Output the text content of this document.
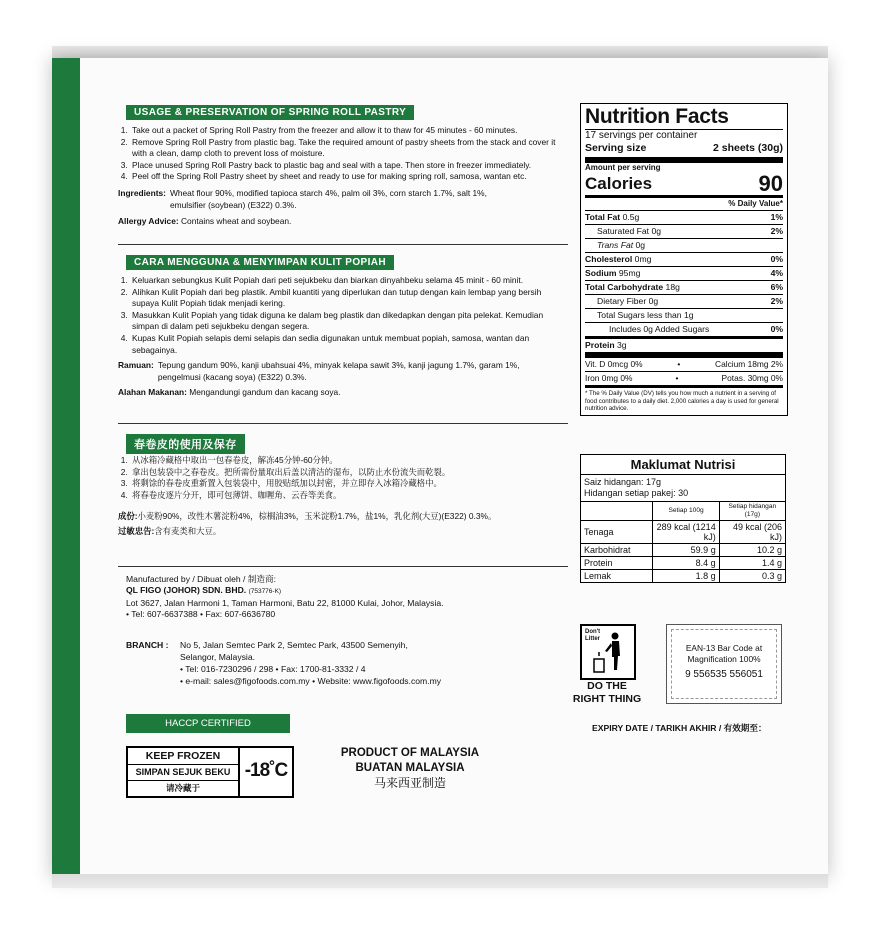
USAGE & PRESERVATION OF SPRING ROLL PASTRY
1. Take out a packet of Spring Roll Pastry from the freezer and allow it to thaw for 45 minutes - 60 minutes.
2. Remove Spring Roll Pastry from plastic bag. Take the required amount of pastry sheets from the stack and cover it with a clean, damp cloth to prevent loss of moisture.
3. Place unused Spring Roll Pastry back to plastic bag and seal with a tape. Then store in freezer immediately.
4. Peel off the Spring Roll Pastry sheet by sheet and ready to use for making spring roll, samosa, wantan etc.
Ingredients: Wheat flour 90%, modified tapioca starch 4%, palm oil 3%, corn starch 1.7%, salt 1%, emulsifier (soybean) (E322) 0.3%.
Allergy Advice: Contains wheat and soybean.
CARA MENGGUNA & MENYIMPAN KULIT POPIAH
1. Keluarkan sebungkus Kulit Popiah dari peti sejukbeku dan biarkan dinyahbeku selama 45 minit - 60 minit.
2. Alihkan Kulit Popiah dari beg plastik. Ambil kuantiti yang diperlukan dan tutup dengan kain lembap yang bersih supaya Kulit Popiah tidak menjadi kering.
3. Masukkan Kulit Popiah yang tidak diguna ke dalam beg plastik dan dikedapkan dengan pita pelekat. Kemudian simpan di dalam peti sejukbeku dengan segera.
4. Kupas Kulit Popiah selapis demi selapis dan sedia digunakan untuk membuat popiah, samosa, wantan dan sebagainya.
Ramuan: Tepung gandum 90%, kanji ubahsuai 4%, minyak kelapa sawit 3%, kanji jagung 1.7%, garam 1%, pengelmusi (kacang soya) (E322) 0.3%.
Alahan Makanan: Mengandungi gandum dan kacang soya.
春卷皮的使用及保存
1. 从冰箱冷藏格中取出一包春卷皮，解冻45分钟-60分钟。
2. 拿出包装袋中之春卷皮。把所需份量取出后盖以清洁的湿布，以防止水份流失而乾裂。
3. 将剩馀的春卷皮重新置入包装袋中，用胶贴纸加以封密，并立即存入冰箱冷藏格中。
4. 将春卷皮逐片分开，即可包薄饼、咖喱角、云吞等美食。
成份:小麦粉90%，改性木薯淀粉4%，棕榈油3%，玉米淀粉1.7%，盐1%，乳化剂(大豆)(E322) 0.3%。
过敏忠告:含有麦类和大豆。
Manufactured by / Dibuat oleh / 制造商:
QL FIGO (JOHOR) SDN. BHD. (753776-K)
Lot 3627, Jalan Harmoni 1, Taman Harmoni, Batu 22, 81000 Kulai, Johor, Malaysia.
• Tel: 607-6637388 • Fax: 607-6636780
BRANCH :	No 5, Jalan Semtec Park 2, Semtec Park, 43500 Semenyih,
Selangor, Malaysia.
• Tel: 016-7230296 / 298 • Fax: 1700-81-3332 / 4
• e-mail: sales@figofoods.com.my • Website: www.figofoods.com.my
HACCP CERTIFIED
KEEP FROZEN
SIMPAN SEJUK BEKU
请冷藏于
-18˚C
PRODUCT OF MALAYSIA
BUATAN MALAYSIA
马来西亚制造
Nutrition Facts
17 servings per container
Serving size	2 sheets (30g)
Amount per serving
Calories	90
% Daily Value*
Total Fat 0.5g	1%
Saturated Fat 0g	2%
Trans Fat 0g
Cholesterol 0mg	0%
Sodium 95mg	4%
Total Carbohydrate 18g	6%
Dietary Fiber 0g	2%
Total Sugars less than 1g
Includes 0g Added Sugars	0%
Protein 3g
Vit. D 0mcg 0%	•	Calcium 18mg 2%
Iron 0mg 0%	•	Potas. 30mg 0%
* The % Daily Value (DV) tells you how much a nutrient in a serving of food contributes to a daily diet. 2,000 calories a day is used for general nutrition advice.
Maklumat Nutrisi
Saiz hidangan: 17g
Hidangan setiap pakej: 30
	Setiap 100g	Setiap hidangan (17g)
Tenaga	289 kcal (1214 kJ)	49 kcal (206 kJ)
Karbohidrat	59.9 g	10.2 g
Protein	8.4 g	1.4 g
Lemak	1.8 g	0.3 g
Don't Litter
DO THE
RIGHT THING
EAN-13 Bar Code at
Magnification 100%
9 556535 556051
EXPIRY DATE / TARIKH AKHIR / 有效期至：
